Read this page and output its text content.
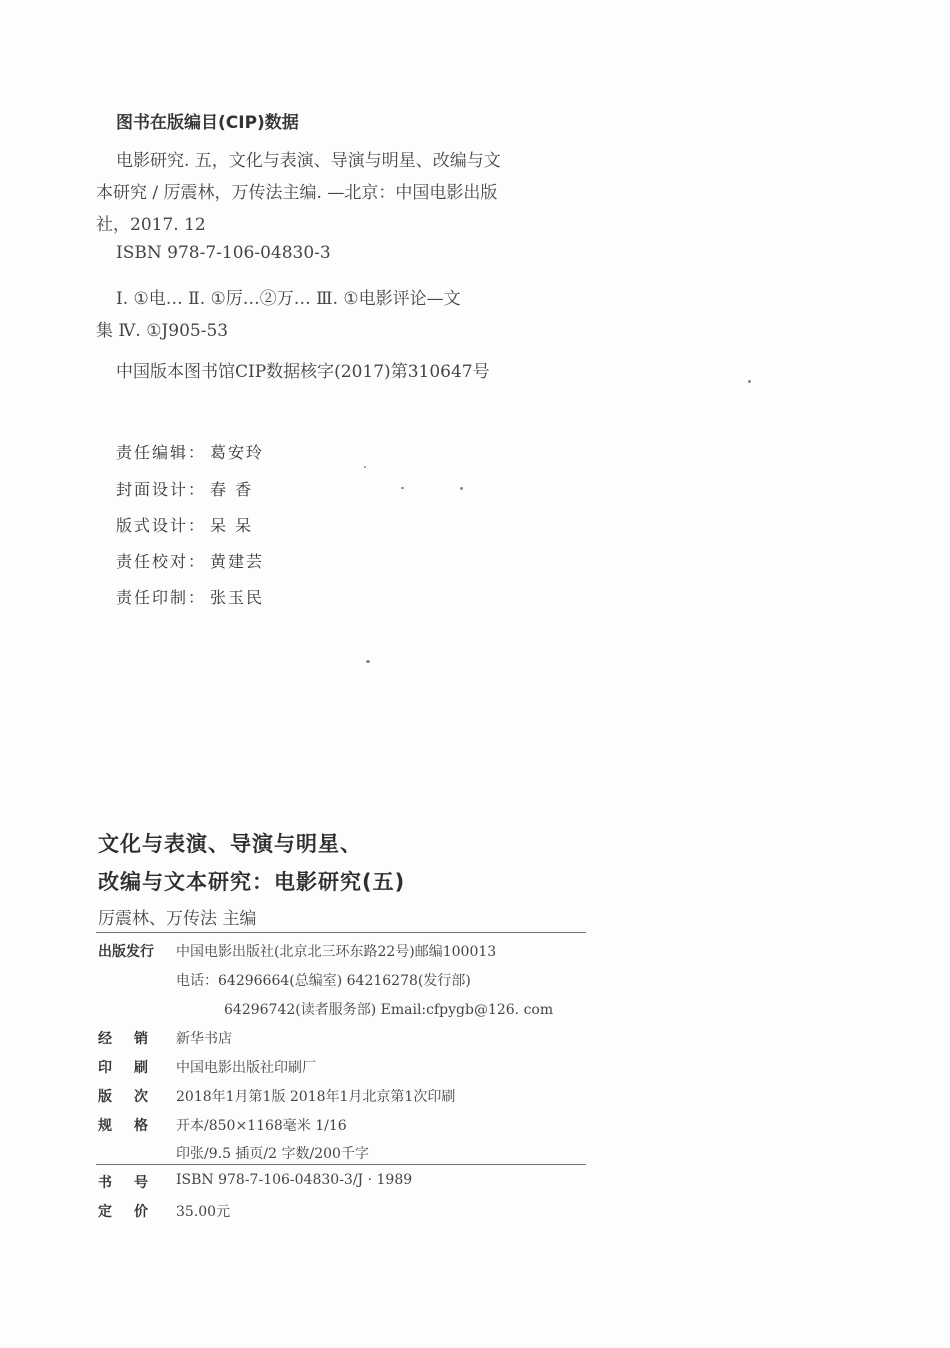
图书在版编目(CIP)数据
电影研究. 五，文化与表演、导演与明星、改编与文
本研究 / 厉震林，万传法主编. —北京：中国电影出版
社，2017. 12
ISBN 978-7-106-04830-3
Ⅰ. ①电… Ⅱ. ①厉…②万… Ⅲ. ①电影评论—文
集 Ⅳ. ①J905-53
中国版本图书馆CIP数据核字(2017)第310647号
责任编辑： 葛安玲
封面设计： 春 香
版式设计： 呆 呆
责任校对： 黄建芸
责任印制： 张玉民
文化与表演、导演与明星、
改编与文本研究：电影研究(五)
厉震林、万传法 主编
出版发行 中国电影出版社(北京北三环东路22号)邮编100013
电话：64296664(总编室) 64216278(发行部)
64296742(读者服务部) Email:cfpygb@126. com
经销 新华书店
印刷 中国电影出版社印刷厂
版次 2018年1月第1版 2018年1月北京第1次印刷
规格 开本/850×1168毫米 1/16
印张/9.5 插页/2 字数/200千字
书号 ISBN 978-7-106-04830-3/J · 1989
定价 35.00元
